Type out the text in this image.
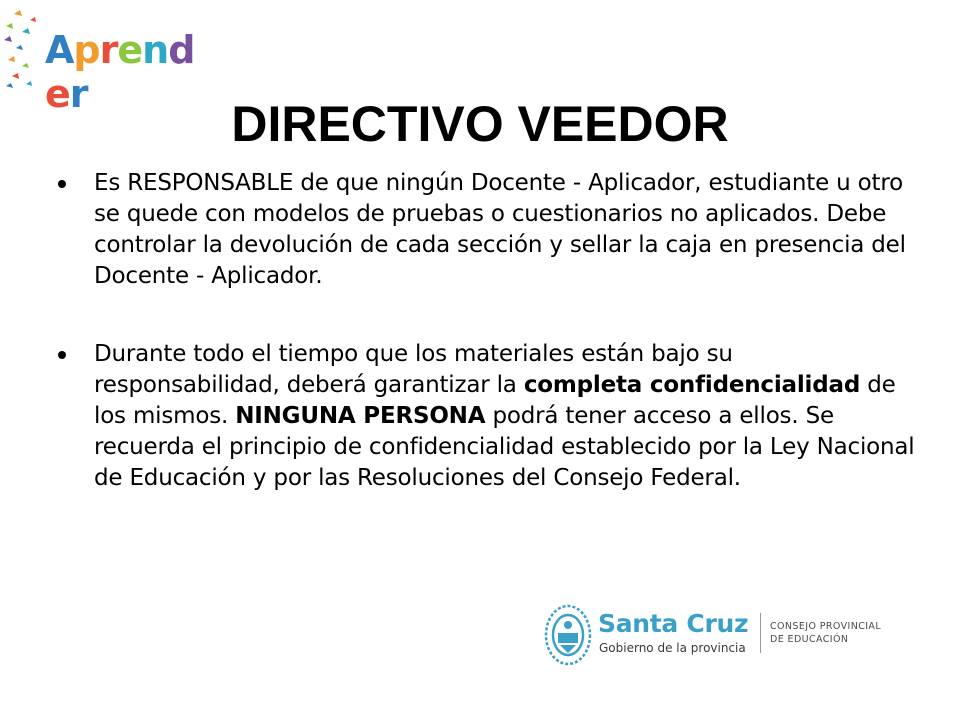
Aprender
DIRECTIVO VEEDOR
Es RESPONSABLE de que ningún Docente - Aplicador, estudiante u otro se quede con modelos de pruebas o cuestionarios no aplicados. Debe controlar la devolución de cada sección y sellar la caja en presencia del Docente - Aplicador.
Durante todo el tiempo que los materiales están bajo su responsabilidad, deberá garantizar la completa confidencialidad de los mismos. NINGUNA PERSONA podrá tener acceso a ellos. Se recuerda el principio de confidencialidad establecido por la Ley Nacional de Educación y por las Resoluciones del Consejo Federal.
Santa Cruz
Gobierno de la provincia
CONSEJO PROVINCIAL
DE EDUCACIÓN
